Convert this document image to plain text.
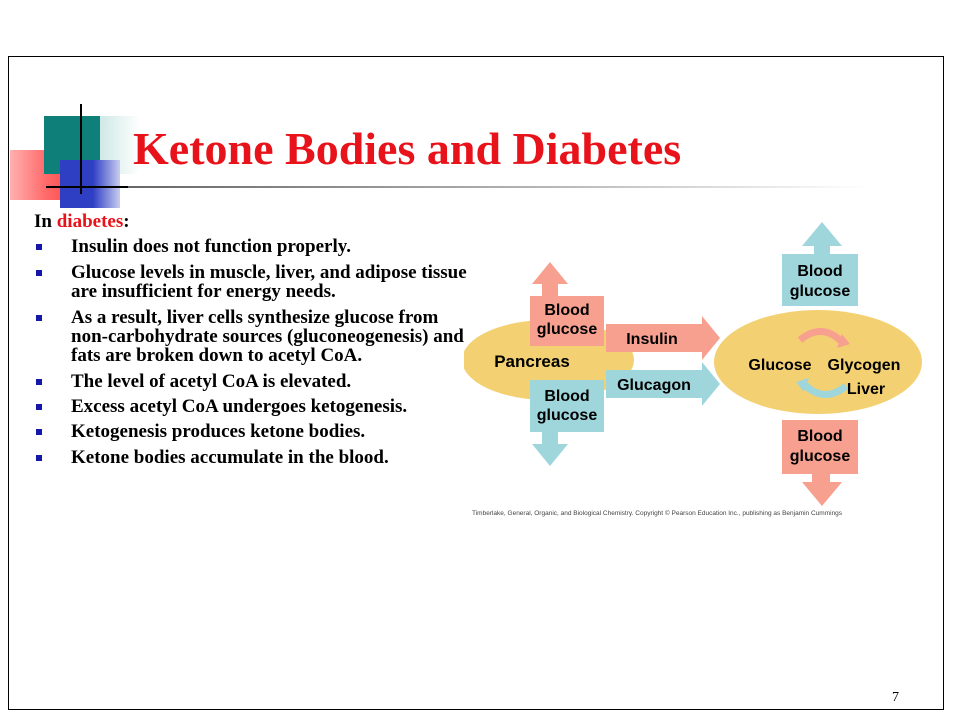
Ketone Bodies and Diabetes

In diabetes:

Insulin does not function properly.
Glucose levels in muscle, liver, and adipose tissue are insufficient for energy needs.
As a result, liver cells synthesize glucose from non-carbohydrate sources (gluconeogenesis) and fats are broken down to acetyl CoA.
The level of acetyl CoA is elevated.
Excess acetyl CoA undergoes ketogenesis.
Ketogenesis produces ketone bodies.
Ketone bodies accumulate in the blood.
Pancreas
Blood
glucose
Blood
glucose
Insulin
Glucagon
Glucose Glycogen
Liver
Blood
glucose
Blood
glucose
Timberlake, General, Organic, and Biological Chemistry. Copyright © Pearson Education Inc., publishing as Benjamin Cummings
7
